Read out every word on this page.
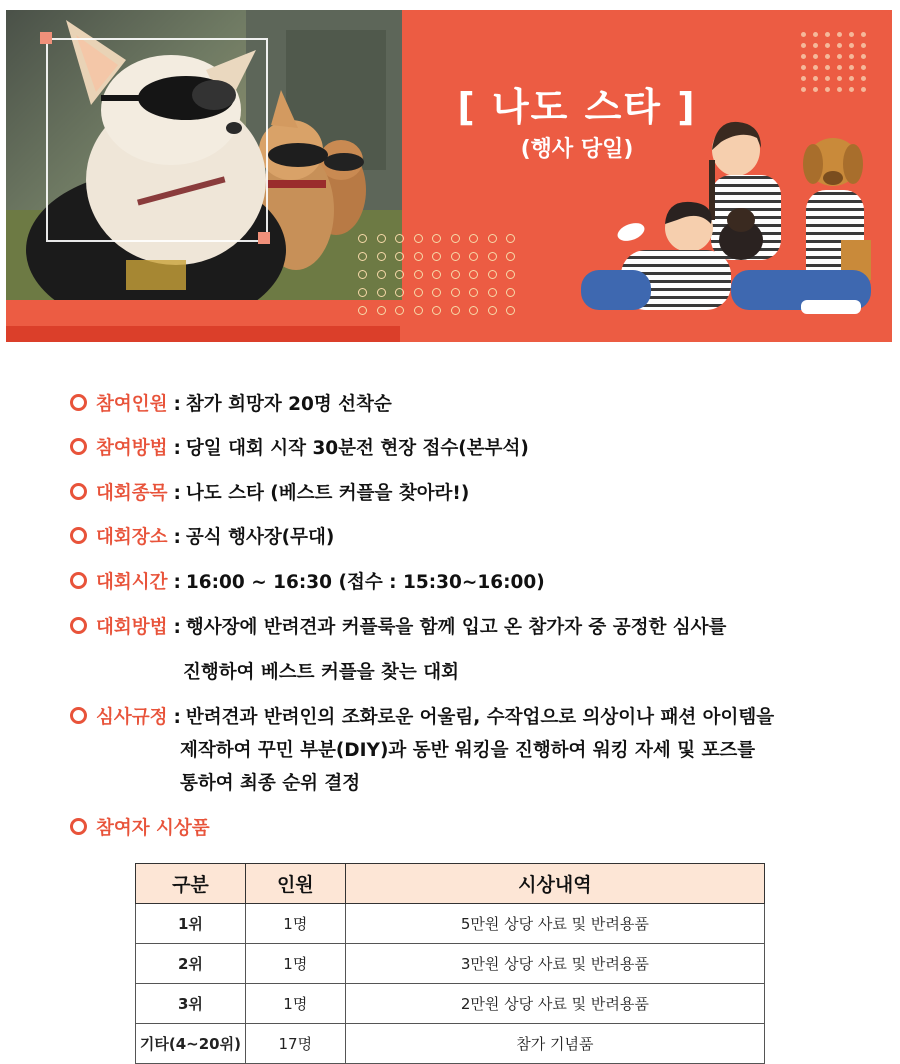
[ 나도 스타 ]
(행사 당일)
참여인원 : 참가 희망자 20명 선착순
참여방법 : 당일 대회 시작 30분전 현장 접수(본부석)
대회종목 : 나도 스타 (베스트 커플을 찾아라!)
대회장소 : 공식 행사장(무대)
대회시간 : 16:00 ~ 16:30 (접수 : 15:30~16:00)
대회방법 : 행사장에 반려견과 커플룩을 함께 입고 온 참가자 중 공정한 심사를
진행하여 베스트 커플을 찾는 대회
심사규정 : 반려견과 반려인의 조화로운 어울림, 수작업으로 의상이나 패션 아이템을
제작하여 꾸민 부분(DIY)과 동반 워킹을 진행하여 워킹 자세 및 포즈를
통하여 최종 순위 결정
참여자 시상품
구분	인원	시상내역
1위	1명	5만원 상당 사료 및 반려용품
2위	1명	3만원 상당 사료 및 반려용품
3위	1명	2만원 상당 사료 및 반려용품
기타(4~20위)	17명	참가 기념품
